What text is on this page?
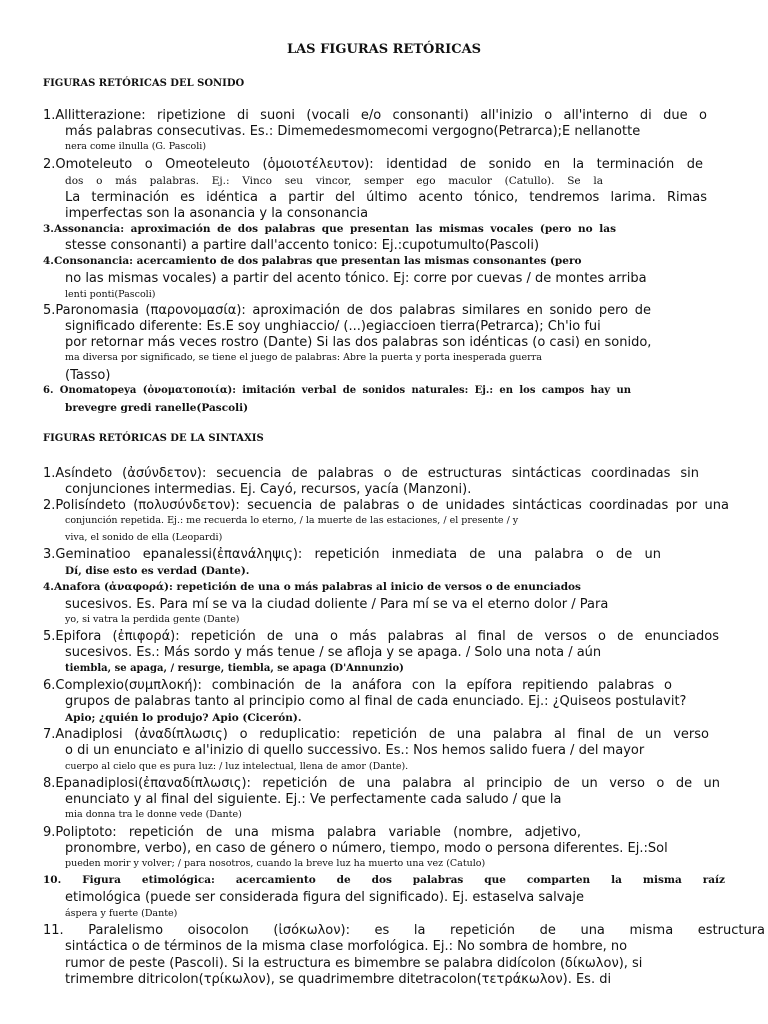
LAS FIGURAS RETÓRICAS
FIGURAS RETÓRICAS DEL SONIDO
FIGURAS RETÓRICAS DE LA SINTAXIS
1.Allitterazione: ripetizione di suoni (vocali e/o consonanti) all'inizio o all'interno di due o
más palabras consecutivas. Es.: Dimemedesmomecomi vergogno(Petrarca);E nellanotte
nera come ilnulla (G. Pascoli)
2.Omoteleuto o Omeoteleuto (ὁμοιοτέλευτον): identidad de sonido en la terminación de
dos o más palabras. Ej.: Vinco seu vincor, semper ego maculor (Catullo). Se la
La terminación es idéntica a partir del último acento tónico, tendremos larima. Rimas
imperfectas son la asonancia y la consonancia
3.Assonancia: aproximación de dos palabras que presentan las mismas vocales (pero no las
stesse consonanti) a partire dall'accento tonico: Ej.:cupotumulto(Pascoli)
4.Consonancia: acercamiento de dos palabras que presentan las mismas consonantes (pero
no las mismas vocales) a partir del acento tónico. Ej: corre por cuevas / de montes arriba
lenti ponti(Pascoli)
5.Paronomasia (παρονομασία): aproximación de dos palabras similares en sonido pero de
significado diferente: Es.E soy unghiaccio/ (...)egiaccioen tierra(Petrarca); Ch'io fui
por retornar más veces rostro (Dante) Si las dos palabras son idénticas (o casi) en sonido,
ma diversa por significado, se tiene el juego de palabras: Abre la puerta y porta inesperada guerra
(Tasso)
6. Onomatopeya (ὀνοματοποιία): imitación verbal de sonidos naturales: Ej.: en los campos hay un
brevegre gredi ranelle(Pascoli)
1.Asíndeto (ἀσύνδετον): secuencia de palabras o de estructuras sintácticas coordinadas sin
conjunciones intermedias. Ej. Cayó, recursos, yacía (Manzoni).
2.Polisíndeto (πολυσύνδετον): secuencia de palabras o de unidades sintácticas coordinadas por una
conjunción repetida. Ej.: me recuerda lo eterno, / la muerte de las estaciones, / el presente / y
viva, el sonido de ella (Leopardi)
3.Geminatioo epanalessi(ἐπανάληψις): repetición inmediata de una palabra o de un
Dí, dise esto es verdad (Dante).
4.Anafora (ἀναφορά): repetición de una o más palabras al inicio de versos o de enunciados
sucesivos. Es. Para mí se va la ciudad doliente / Para mí se va el eterno dolor / Para
yo, si vatra la perdida gente (Dante)
5.Epifora (ἐπιφορά): repetición de una o más palabras al final de versos o de enunciados
sucesivos. Es.: Más sordo y más tenue / se afloja y se apaga. / Solo una nota / aún
tiembla, se apaga, / resurge, tiembla, se apaga (D'Annunzio)
6.Complexio(συμπλοκή): combinación de la anáfora con la epífora repitiendo palabras o
grupos de palabras tanto al principio como al final de cada enunciado. Ej.: ¿Quiseos postulavit?
Apio; ¿quién lo produjo? Apio (Cicerón).
7.Anadiplosi (ἀναδίπλωσις) o reduplicatio: repetición de una palabra al final de un verso
o di un enunciato e al'inizio di quello successivo. Es.: Nos hemos salido fuera / del mayor
cuerpo al cielo que es pura luz: / luz intelectual, llena de amor (Dante).
8.Epanadiplosi(ἐπαναδίπλωσις): repetición de una palabra al principio de un verso o de un
enunciato y al final del siguiente. Ej.: Ve perfectamente cada saludo / que la
mia donna tra le donne vede (Dante)
9.Poliptoto: repetición de una misma palabra variable (nombre, adjetivo,
pronombre, verbo), en caso de género o número, tiempo, modo o persona diferentes. Ej.:Sol
pueden morir y volver; / para nosotros, cuando la breve luz ha muerto una vez (Catulo)
10. Figura etimológica: acercamiento de dos palabras que comparten la misma raíz
etimológica (puede ser considerada figura del significado). Ej. estaselva salvaje
áspera y fuerte (Dante)
11. Paralelismo oisocolon (ἰσόκωλον): es la repetición de una misma estructura
sintáctica o de términos de la misma clase morfológica. Ej.: No sombra de hombre, no
rumor de peste (Pascoli). Si la estructura es bimembre se palabra didícolon (δίκωλον), si
trimembre ditricolon(τρίκωλον), se quadrimembre ditetracolon(τετράκωλον). Es. di
